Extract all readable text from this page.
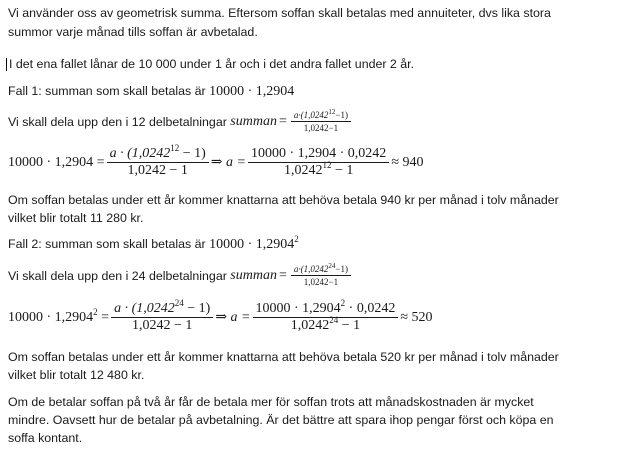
Vi använder oss av geometrisk summa. Eftersom soffan skall betalas med annuiteter, dvs lika stora
summor varje månad tills soffan är avbetalad.
I det ena fallet lånar de 10 000 under 1 år och i det andra fallet under 2 år.
Fall 1: summan som skall betalas är 10000 · 1,2904
Vi skall dela upp den i 12 delbetalningar
summan = $\frac{a\cdot(1,0242^{12}-1)}{1,0242-1}$
$10000 \cdot 1,2904 = \frac{a \cdot (1,0242^{12} - 1)}{1,0242 - 1}$ ⇒
$a = \frac{10000 \cdot 1,2904 \cdot 0,0242}{1,0242^{12} - 1} \approx 940$
Om soffan betalas under ett år kommer knattarna att behöva betala 940 kr per månad i tolv månader
vilket blir totalt 11 280 kr.
Fall 2: summan som skall betalas är $10000 \cdot 1,2904^2$
Vi skall dela upp den i 24 delbetalningar
summan = $\frac{a\cdot(1,0242^{24}-1)}{1,0242-1}$
$10000 \cdot 1,2904^2 = \frac{a \cdot (1,0242^{24} - 1)}{1,0242 - 1}$ ⇒
$a = \frac{10000 \cdot 1,2904^2 \cdot 0,0242}{1,0242^{24} - 1} \approx 520$
Om soffan betalas under ett år kommer knattarna att behöva betala 520 kr per månad i tolv månader
vilket blir totalt 12 480 kr.
Om de betalar soffan på två år får de betala mer för soffan trots att månadskostnaden är mycket
mindre. Oavsett hur de betalar på avbetalning. Är det bättre att spara ihop pengar först och köpa en
soffa kontant.
